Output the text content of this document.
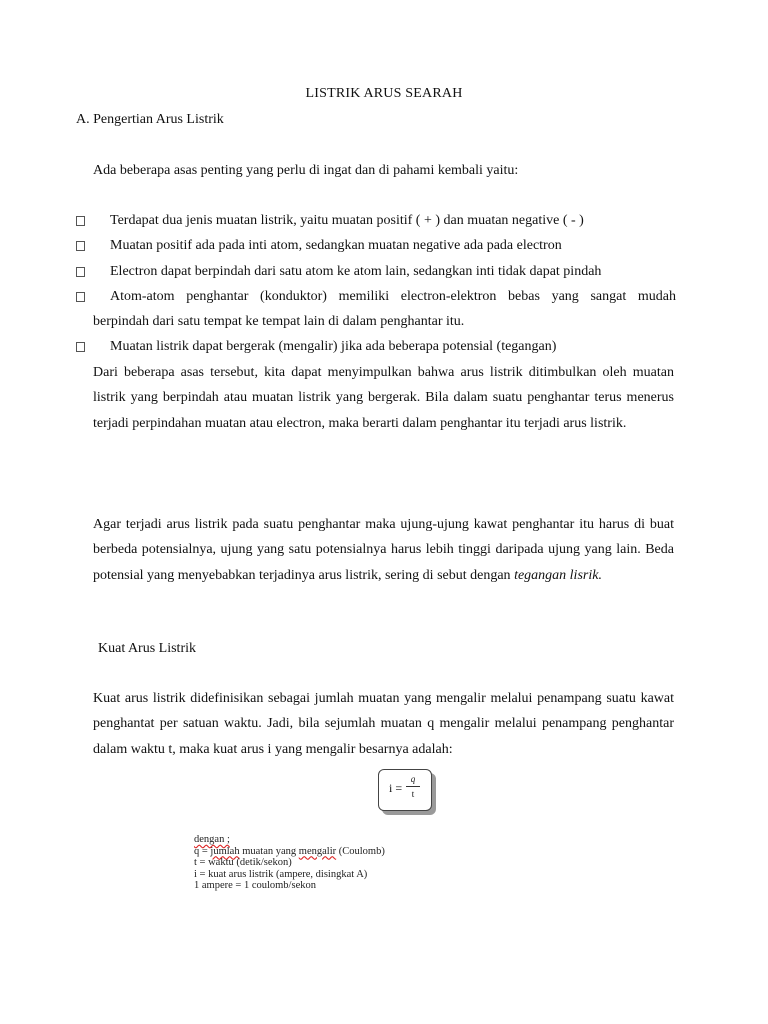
LISTRIK ARUS SEARAH
A. Pengertian Arus Listrik
Ada beberapa asas penting yang perlu di ingat dan di pahami kembali yaitu:
Terdapat dua jenis muatan listrik, yaitu muatan positif ( + ) dan muatan negative ( - )
Muatan positif ada pada inti atom, sedangkan muatan negative ada pada electron
Electron dapat berpindah dari satu atom ke atom lain, sedangkan inti tidak dapat pindah
Atom-atom penghantar (konduktor) memiliki electron-elektron bebas yang sangat mudah
berpindah dari satu tempat ke tempat lain di dalam penghantar itu.
Muatan listrik dapat bergerak (mengalir) jika ada beberapa potensial (tegangan)
Dari beberapa asas tersebut, kita dapat menyimpulkan bahwa arus listrik ditimbulkan oleh muatan listrik yang berpindah atau muatan listrik yang bergerak. Bila dalam suatu penghantar terus menerus terjadi perpindahan muatan atau electron, maka berarti dalam penghantar itu terjadi arus listrik.
Agar terjadi arus listrik pada suatu penghantar maka ujung-ujung kawat penghantar itu harus di buat berbeda potensialnya, ujung yang satu potensialnya harus lebih tinggi daripada ujung yang lain. Beda potensial yang menyebabkan terjadinya arus listrik, sering di sebut dengan tegangan lisrik.
Kuat Arus Listrik
Kuat arus listrik didefinisikan sebagai jumlah muatan yang mengalir melalui penampang suatu kawat penghantat per satuan waktu. Jadi, bila sejumlah muatan q mengalir melalui penampang penghantar dalam waktu t, maka kuat arus i yang mengalir besarnya adalah:
i =
q
t
dengan ;
q = jumlah muatan yang mengalir (Coulomb)
t = waktu (detik/sekon)
i = kuat arus listrik (ampere, disingkat A)
1 ampere = 1 coulomb/sekon
